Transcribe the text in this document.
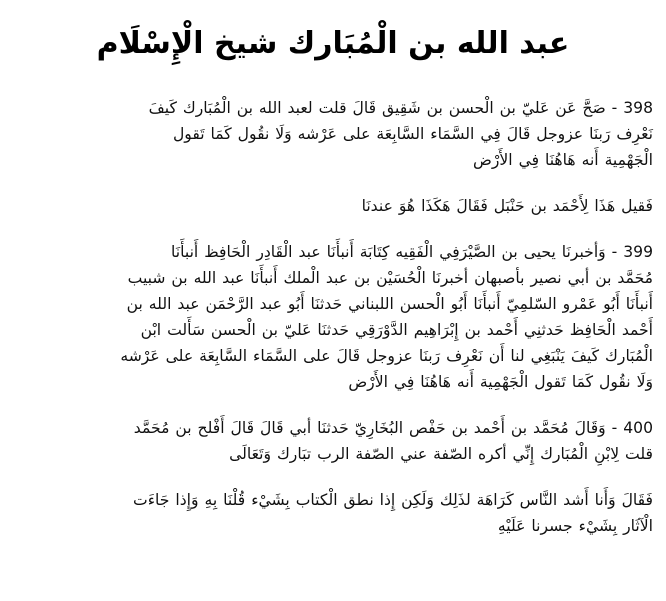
عبد الله بن الْمُبَارك شيخ الْإِسْلَام

398 - صَحَّ عَن عَليّ بن الْحسن بن شَقِيق قَالَ قلت لعبد الله بن الْمُبَارك كَيفَ
نَعْرِف رَبنَا عزوجل قَالَ فِي السَّمَاء السَّابِعَة على عَرْشه وَلَا نقُول كَمَا تَقول
الْجَهْمِية أَنه هَاهُنَا فِي الأَرْض

فَقيل هَذَا لِأَحْمَد بن حَنْبَل فَقَالَ هَكَذَا هُوَ عندنَا

399 - وَأخبرنَا يحيى بن الصَّيْرَفِي الْفَقِيه كِتَابَة أَنبأَنَا عبد الْقَادِر الْحَافِظ أَنبأَنَا
مُحَمَّد بن أبي نصير بأصبهان أخبرنَا الْحُسَيْن بن عبد الْملك أَنبأَنَا عبد الله بن شبيب
أَنبأَنَا أَبُو عَمْرو السّلمِيّ أَنبأَنَا أَبُو الْحسن اللبناني حَدثنَا أَبُو عبد الرَّحْمَن عبد الله بن
أَحْمد الْحَافِظ حَدثنِي أَحْمد بن إِبْرَاهِيم الدَّوْرَقِي حَدثنَا عَليّ بن الْحسن سَأَلت ابْن
الْمُبَارك كَيفَ يَنْبَغِي لنا أَن نَعْرِف رَبنَا عزوجل قَالَ على السَّمَاء السَّابِعَة على عَرْشه
وَلَا نقُول كَمَا تَقول الْجَهْمِية أَنه هَاهُنَا فِي الأَرْض

400 - وَقَالَ مُحَمَّد بن أَحْمد بن حَفْص البُخَارِيّ حَدثنَا أبي قَالَ قَالَ أَفْلح بن مُحَمَّد
قلت لِابْنِ الْمُبَارك إِنِّي أكره الصّفة عني الصّفة الرب تبَارك وَتَعَالَى

فَقَالَ وَأَنا أَشد النَّاس كَرَاهَة لذَلِك وَلَكِن إِذا نطق الْكتاب بِشَيْء قُلْنَا بِهِ وَإِذا جَاءَت
الْآثَار بِشَيْء جسرنا عَلَيْهِ
